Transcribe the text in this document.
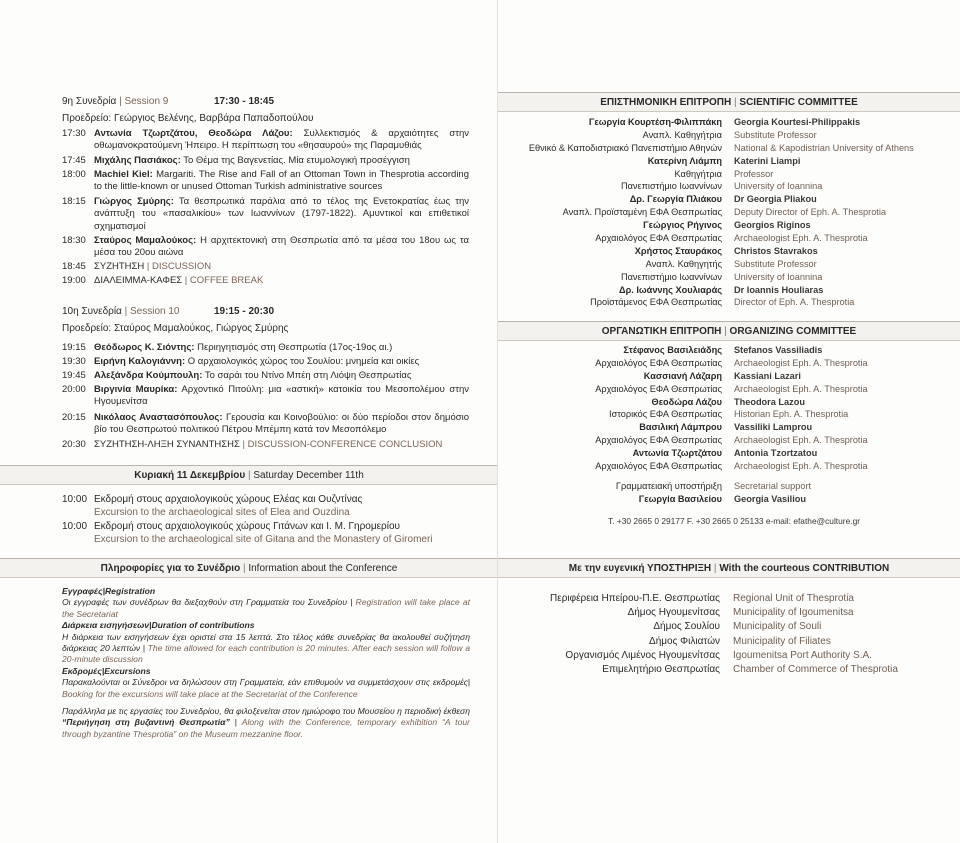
9η Συνεδρία | Session 9	17:30 - 18:45
Προεδρείο: Γεώργιος Βελένης, Βαρβάρα Παπαδοπούλου
17:30 Αντωνία Τζωρτζάτου, Θεοδώρα Λάζου: Συλλεκτισμός & αρχαιότητες στην οθωμανοκρατούμενη Ήπειρο. Η περίπτωση του «θησαυρού» της Παραμυθιάς
17:45 Μιχάλης Πασιάκος: Το Θέμα της Βαγενετίας. Μία ετυμολογική προσέγγιση
18:00 Machiel Kiel: Margariti. The Rise and Fall of an Ottoman Town in Thesprotia according to the little-known or unused Ottoman Turkish administrative sources
18:15 Γιώργος Σμύρης: Τα θεσπρωτικά παράλια από το τέλος της Ενετοκρατίας έως την ανάπτυξη του «πασαλικίου» των Ιωαννίνων (1797-1822). Αμυντικοί και επιθετικοί σχηματισμοί
18:30 Σταύρος Μαμαλούκος: Η αρχιτεκτονική στη Θεσπρωτία από τα μέσα του 18ου ως τα μέσα του 20ου αιώνα
18:45 ΣΥΖΗΤΗΣΗ | DISCUSSION
19:00 ΔΙΑΛΕΙΜΜΑ-ΚΑΦΕΣ | COFFEE BREAK
10η Συνεδρία | Session 10	19:15 - 20:30
Προεδρείο: Σταύρος Μαμαλούκος, Γιώργος Σμύρης
19:15 Θεόδωρος Κ. Σιόντης: Περιηγητισμός στη Θεσπρωτία (17ος-19ος αι.)
19:30 Ειρήνη Καλογιάννη: Ο αρχαιολογικός χώρος του Σουλίου: μνημεία και οικίες
19:45 Αλεξάνδρα Κούμπουλη: Το σαράι του Ντίνο Μπέη στη Λιόψη Θεσπρωτίας
20:00 Βιργινία Μαυρίκα: Αρχοντικό Πιτούλη: μια «αστική» κατοικία του Μεσοπολέμου στην Ηγουμενίτσα
20:15 Νικόλαος Αναστασόπουλος: Γερουσία και Κοινοβούλιο: οι δύο περίοδοι στον δημόσιο βίο του Θεσπρωτού πολιτικού Πέτρου Μπέμπη κατά τον Μεσοπόλεμο
20:30 ΣΥΖΗΤΗΣΗ-ΛΗΞΗ ΣΥΝΑΝΤΗΣΗΣ | DISCUSSION-CONFERENCE CONCLUSION
Κυριακή 11 Δεκεμβρίου | Saturday December 11th
10:00 Εκδρομή στους αρχαιολογικούς χώρους Ελέας και Ουζντίνας
Excursion to the archaeological sites of Elea and Ouzdina
10:00 Εκδρομή στους αρχαιολογικούς χώρους Γιτάνων και Ι. Μ. Γηρομερίου
Excursion to the archaeological site of Gitana and the Monastery of Giromeri
Πληροφορίες για το Συνέδριο | Information about the Conference

Εγγραφές|Registration

Οι εγγραφές των συνέδρων θα διεξαχθούν στη Γραμματεία του Συνεδρίου | Registration will take place at the Secretariat

Διάρκεια εισηγήσεων|Duration of contributions

Η διάρκεια των εισηγήσεων έχει οριστεί στα 15 λεπτά. Στο τέλος κάθε συνεδρίας θα ακολουθεί συζήτηση διάρκειας 20 λεπτών | The time allowed for each contribution is 20 minutes. After each session will follow a 20-minute discussion

Εκδρομές|Excursions

Παρακαλούνται οι Σύνεδροι να δηλώσουν στη Γραμματεία, εάν επιθυμούν να συμμετάσχουν στις εκδρομές| Booking for the excursions will take place at the Secretariat of the Conference

Παράλληλα με τις εργασίες του Συνεδρίου, θα φιλοξενείται στον ημιώροφο του Μουσείου η περιοδική έκθεση “Περιήγηση στη βυζαντινή Θεσπρωτία” | Along with the Conference, temporary exhibition “A tour through byzantine Thesprotia” on the Museum mezzanine floor.

ΕΠΙΣΤΗΜΟΝΙΚΗ ΕΠΙΤΡΟΠΗ | SCIENTIFIC COMMITTEE
Γεωργία Κουρτέση-Φιλιππάκη Georgia Kourtesi-Philippakis
Αναπλ. Καθηγήτρια Substitute Professor
Εθνικό & Καποδιστριακό Πανεπιστήμιο Αθηνών National & Kapodistrian University of Athens
Κατερίνη Λιάμπη Katerini Liampi
Καθηγήτρια Professor
Πανεπιστήμιο Ιωαννίνων University of Ioannina
Δρ. Γεωργία Πλιάκου Dr Georgia Pliakou
Αναπλ. Προϊσταμένη ΕΦΑ Θεσπρωτίας Deputy Director of Eph. A. Thesprotia
Γεώργιος Ρήγινος Georgios Riginos
Αρχαιολόγος ΕΦΑ Θεσπρωτίας Archaeologist Eph. A. Thesprotia
Χρήστος Σταυράκος Christos Stavrakos
Αναπλ. Καθηγητής Substitute Professor
Πανεπιστήμιο Ιωαννίνων University of Ioannina
Δρ. Ιωάννης Χουλιαράς Dr Ioannis Houliaras
Προϊστάμενος ΕΦΑ Θεσπρωτίας Director of Eph. A. Thesprotia
ΟΡΓΑΝΩΤΙΚΗ ΕΠΙΤΡΟΠΗ | ORGANIZING COMMITTEE
Στέφανος Βασιλειάδης Stefanos Vassiliadis
Αρχαιολόγος ΕΦΑ Θεσπρωτίας Archaeologist Eph. A. Thesprotia
Κασσιανή Λάζαρη Kassiani Lazari
Αρχαιολόγος ΕΦΑ Θεσπρωτίας Archaeologist Eph. A. Thesprotia
Θεοδώρα Λάζου Theodora Lazou
Ιστορικός ΕΦΑ Θεσπρωτίας Historian Eph. A. Thesprotia
Βασιλική Λάμπρου Vassiliki Lamprou
Αρχαιολόγος ΕΦΑ Θεσπρωτίας Archaeologist Eph. A. Thesprotia
Αντωνία Τζωρτζάτου Antonia Tzortzatou
Αρχαιολόγος ΕΦΑ Θεσπρωτίας Archaeologist Eph. A. Thesprotia
Γραμματειακή υποστήριξη Secretarial support
Γεωργία Βασιλείου Georgia Vasiliou
T. +30 2665 0 29177 F. +30 2665 0 25133 e-mail: efathe@culture.gr
Με την ευγενική ΥΠΟΣΤΗΡΙΞΗ | With the courteous CONTRIBUTION
Περιφέρεια Ηπείρου-Π.Ε. Θεσπρωτίας Regional Unit of Thesprotia
Δήμος Ηγουμενίτσας Municipality of Igoumenitsa
Δήμος Σουλίου Municipality of Souli
Δήμος Φιλιατών Municipality of Filiates
Οργανισμός Λιμένος Ηγουμενίτσας Igoumenitsa Port Authority S.A.
Επιμελητήριο Θεσπρωτίας Chamber of Commerce of Thesprotia
